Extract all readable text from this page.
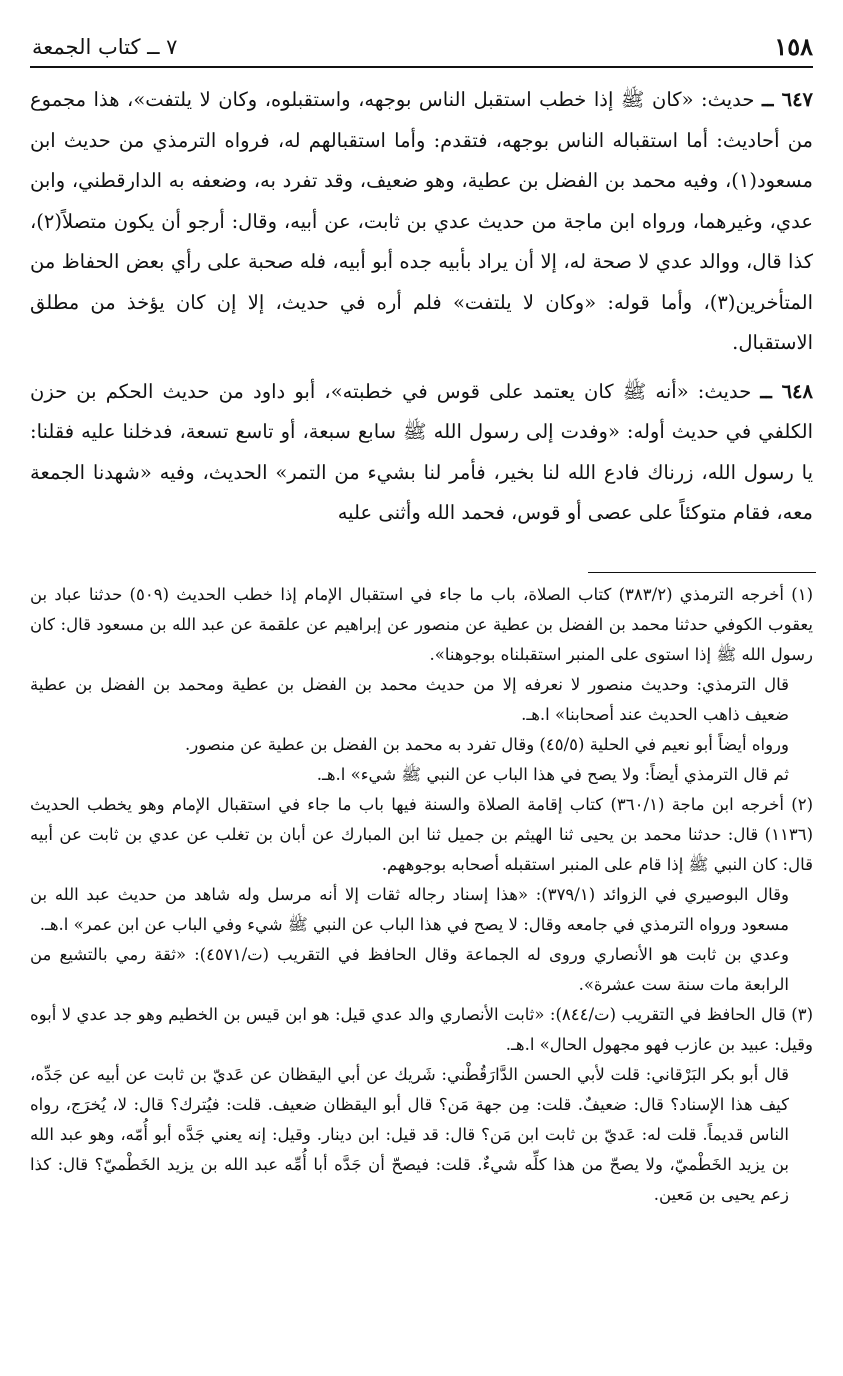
١٥٨
٧ ــ كتاب الجمعة

٦٤٧ ــ حديث: «كان ﷺ إذا خطب استقبل الناس بوجهه، واستقبلوه، وكان لا يلتفت»، هذا مجموع من أحاديث: أما استقباله الناس بوجهه، فتقدم: وأما استقبالهم له، فرواه الترمذي من حديث ابن مسعود(١)، وفيه محمد بن الفضل بن عطية، وهو ضعيف، وقد تفرد به، وضعفه به الدارقطني، وابن عدي، وغيرهما، ورواه ابن ماجة من حديث عدي بن ثابت، عن أبيه، وقال: أرجو أن يكون متصلاً(٢)، كذا قال، ووالد عدي لا صحة له، إلا أن يراد بأبيه جده أبو أبيه، فله صحبة على رأي بعض الحفاظ من المتأخرين(٣)، وأما قوله: «وكان لا يلتفت» فلم أره في حديث، إلا إن كان يؤخذ من مطلق الاستقبال.

٦٤٨ ــ حديث: «أنه ﷺ كان يعتمد على قوس في خطبته»، أبو داود من حديث الحكم بن حزن الكلفي في حديث أوله: «وفدت إلى رسول الله ﷺ سابع سبعة، أو تاسع تسعة، فدخلنا عليه فقلنا: يا رسول الله، زرناك فادع الله لنا بخير، فأمر لنا بشيء من التمر» الحديث، وفيه «شهدنا الجمعة معه، فقام متوكئاً على عصى أو قوس، فحمد الله وأثنى عليه

(١) أخرجه الترمذي (٣٨٣/٢) كتاب الصلاة، باب ما جاء في استقبال الإمام إذا خطب الحديث (٥٠٩) حدثنا عباد بن يعقوب الكوفي حدثنا محمد بن الفضل بن عطية عن منصور عن إبراهيم عن علقمة عن عبد الله بن مسعود قال: كان رسول الله ﷺ إذا استوى على المنبر استقبلناه بوجوهنا».

قال الترمذي: وحديث منصور لا نعرفه إلا من حديث محمد بن الفضل بن عطية ومحمد بن الفضل بن عطية ضعيف ذاهب الحديث عند أصحابنا» ا.هـ.

ورواه أيضاً أبو نعيم في الحلية (٤٥/٥) وقال تفرد به محمد بن الفضل بن عطية عن منصور.

ثم قال الترمذي أيضاً: ولا يصح في هذا الباب عن النبي ﷺ شيء» ا.هـ.

(٢) أخرجه ابن ماجة (٣٦٠/١) كتاب إقامة الصلاة والسنة فيها باب ما جاء في استقبال الإمام وهو يخطب الحديث (١١٣٦) قال: حدثنا محمد بن يحيى ثنا الهيثم بن جميل ثنا ابن المبارك عن أبان بن تغلب عن عدي بن ثابت عن أبيه قال: كان النبي ﷺ إذا قام على المنبر استقبله أصحابه بوجوههم.

وقال البوصيري في الزوائد (٣٧٩/١): «هذا إسناد رجاله ثقات إلا أنه مرسل وله شاهد من حديث عبد الله بن مسعود ورواه الترمذي في جامعه وقال: لا يصح في هذا الباب عن النبي ﷺ شيء وفي الباب عن ابن عمر» ا.هـ.

وعدي بن ثابت هو الأنصاري وروى له الجماعة وقال الحافظ في التقريب (ت/٤٥٧١): «ثقة رمي بالتشيع من الرابعة مات سنة ست عشرة».

(٣) قال الحافظ في التقريب (ت/٨٤٤): «ثابت الأنصاري والد عدي قيل: هو ابن قيس بن الخطيم وهو جد عدي لا أبوه وقيل: عبيد بن عازب فهو مجهول الحال» ا.هـ.

قال أبو بكر البَرْقاني: قلت لأبي الحسن الدَّارَقُطْني: شَريك عن أبي اليقظان عن عَديّ بن ثابت عن أبيه عن جَدِّه، كيف هذا الإسناد؟ قال: ضعيفٌ. قلت: مِن جهة مَن؟ قال أبو اليقظان ضعيف. قلت: فيُترك؟ قال: لا، يُخرَج، رواه الناس قديماً. قلت له: عَديّ بن ثابت ابن مَن؟ قال: قد قيل: ابن دينار. وقيل: إنه يعني جَدَّه أبو أُمّه، وهو عبد الله بن يزيد الخَطْميّ، ولا يصحّ من هذا كلِّه شيءٌ. قلت: فيصحّ أن جَدَّه أبا أُمِّه عبد الله بن يزيد الخَطْميّ؟ قال: كذا زعم يحيى بن مَعين.
